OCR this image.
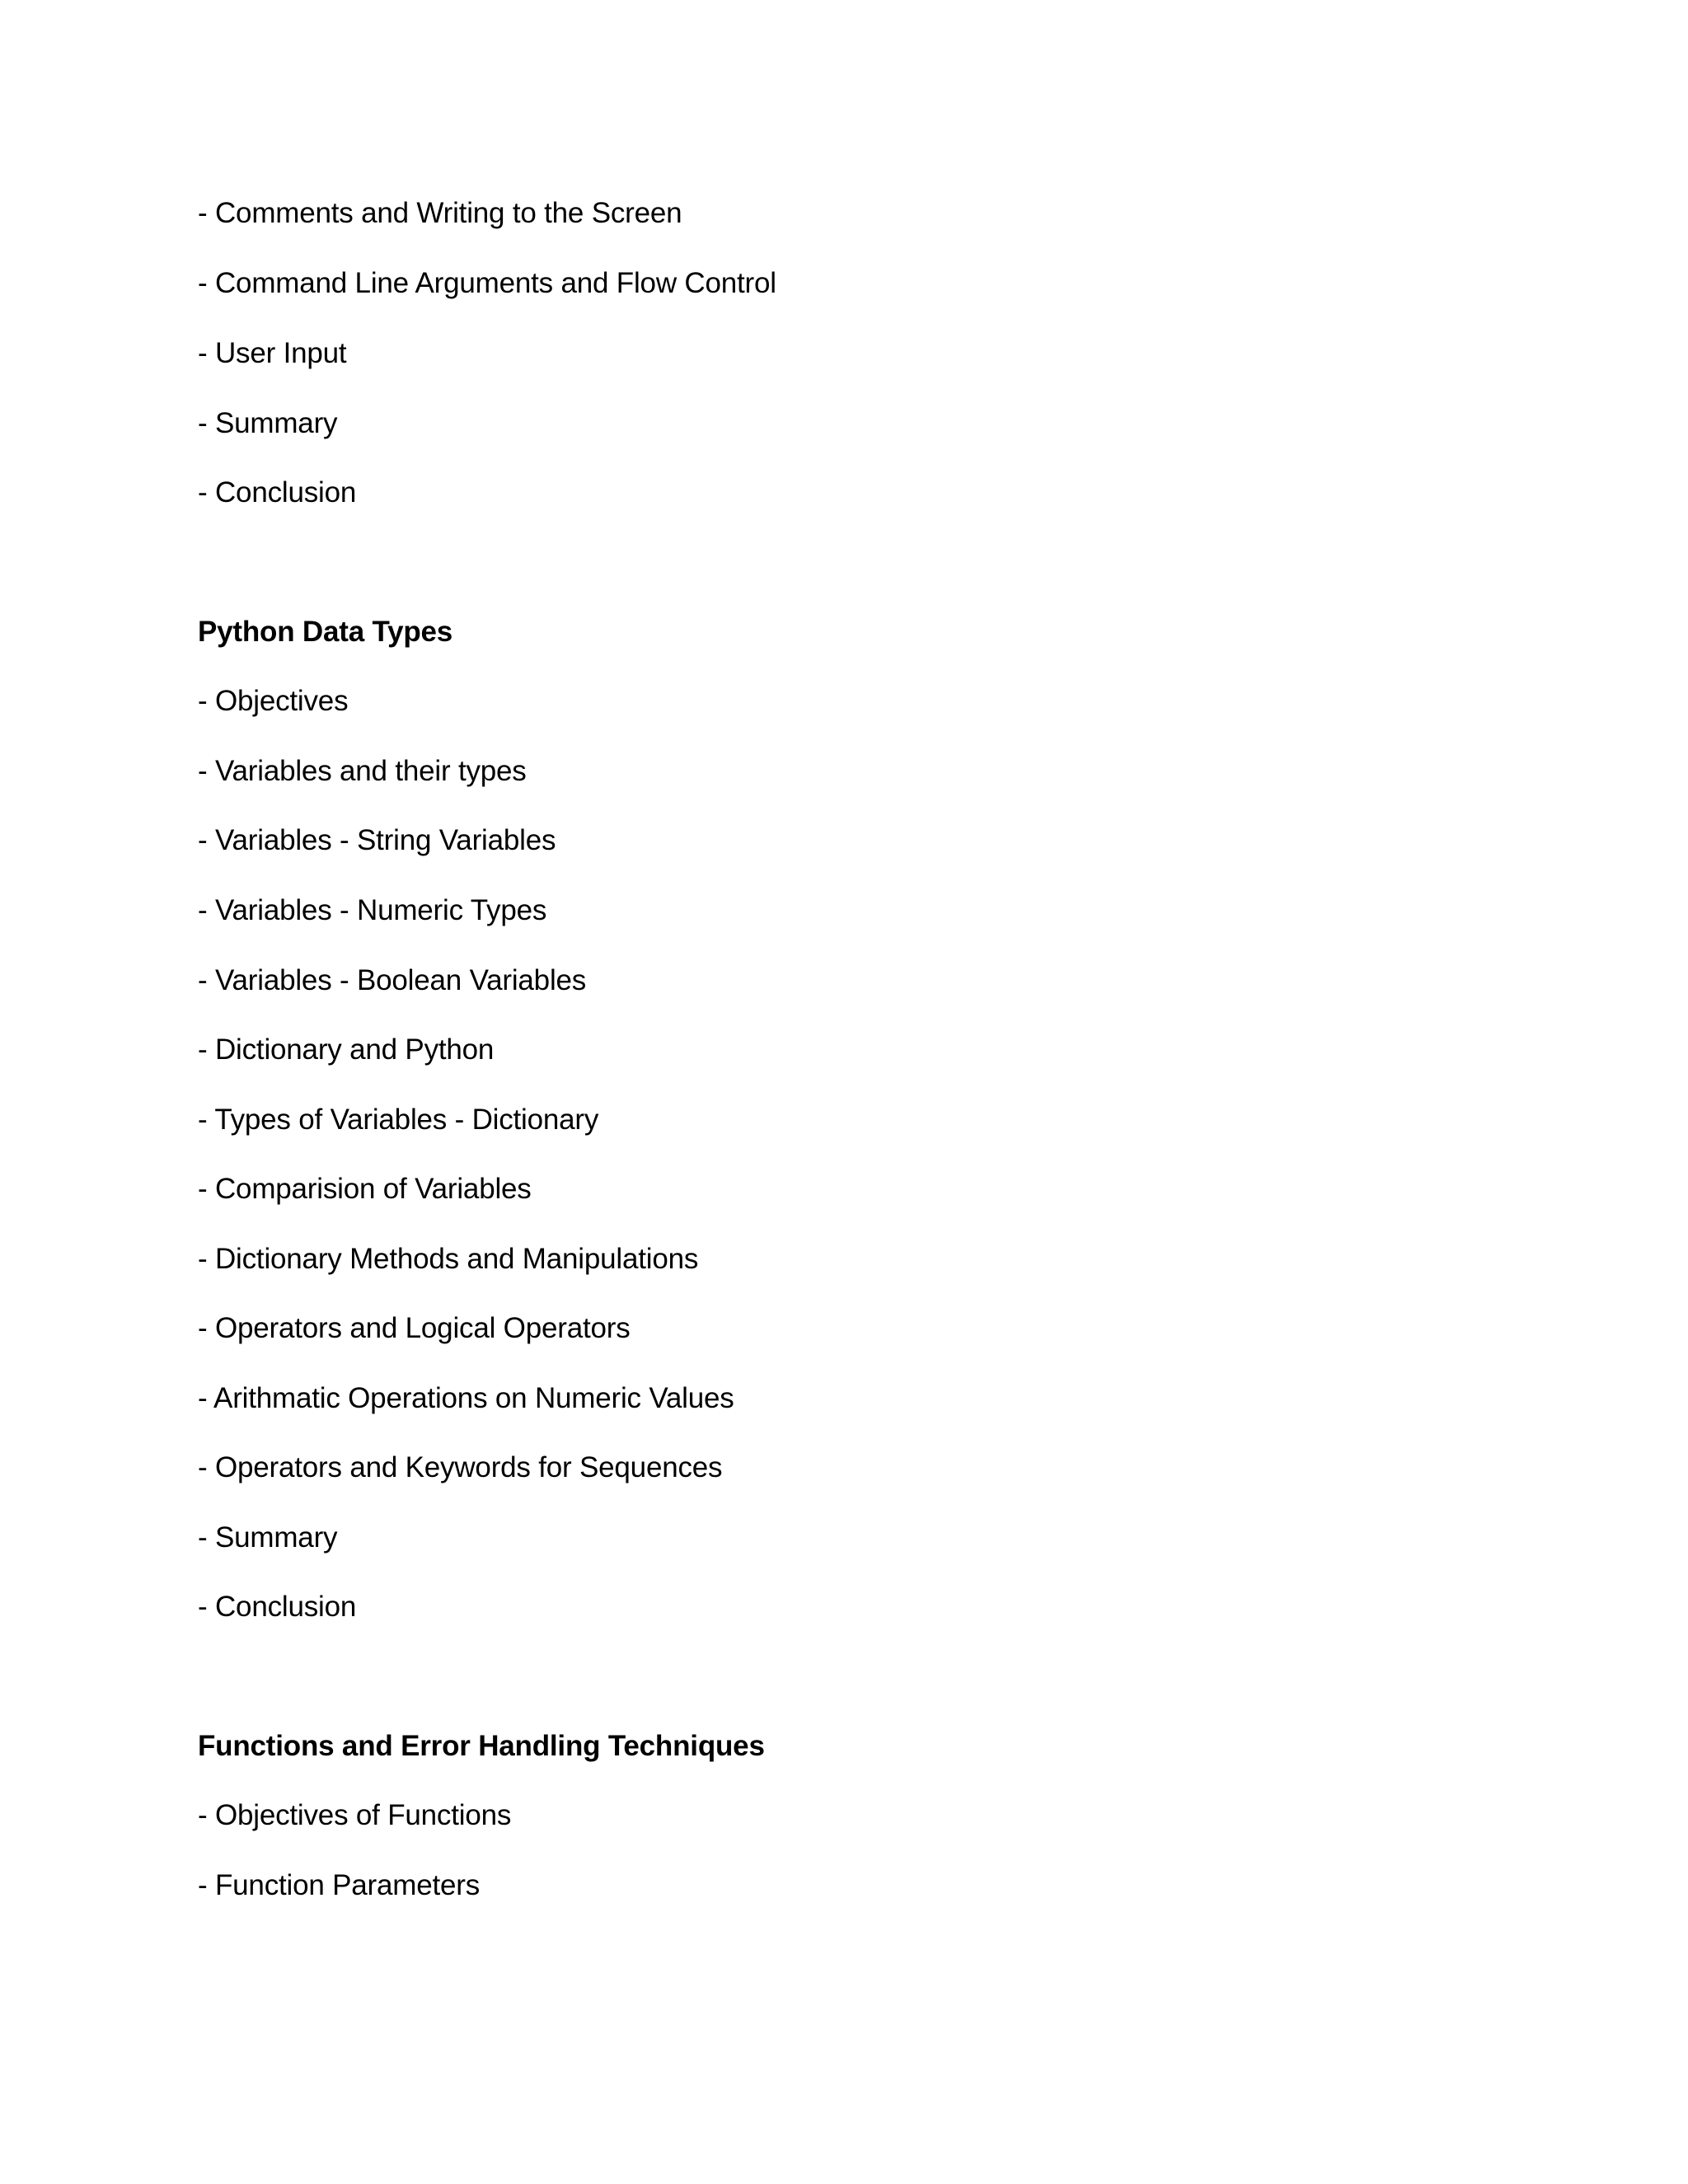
- Comments and Writing to the Screen

- Command Line Arguments and Flow Control

- User Input

- Summary

- Conclusion

Python Data Types

- Objectives

- Variables and their types

- Variables - String Variables

- Variables - Numeric Types

- Variables - Boolean Variables

- Dictionary and Python

- Types of Variables - Dictionary

- Comparision of Variables

- Dictionary Methods and Manipulations

- Operators and Logical Operators

- Arithmatic Operations on Numeric Values

- Operators and Keywords for Sequences

- Summary

- Conclusion

Functions and Error Handling Techniques

- Objectives of Functions

- Function Parameters
